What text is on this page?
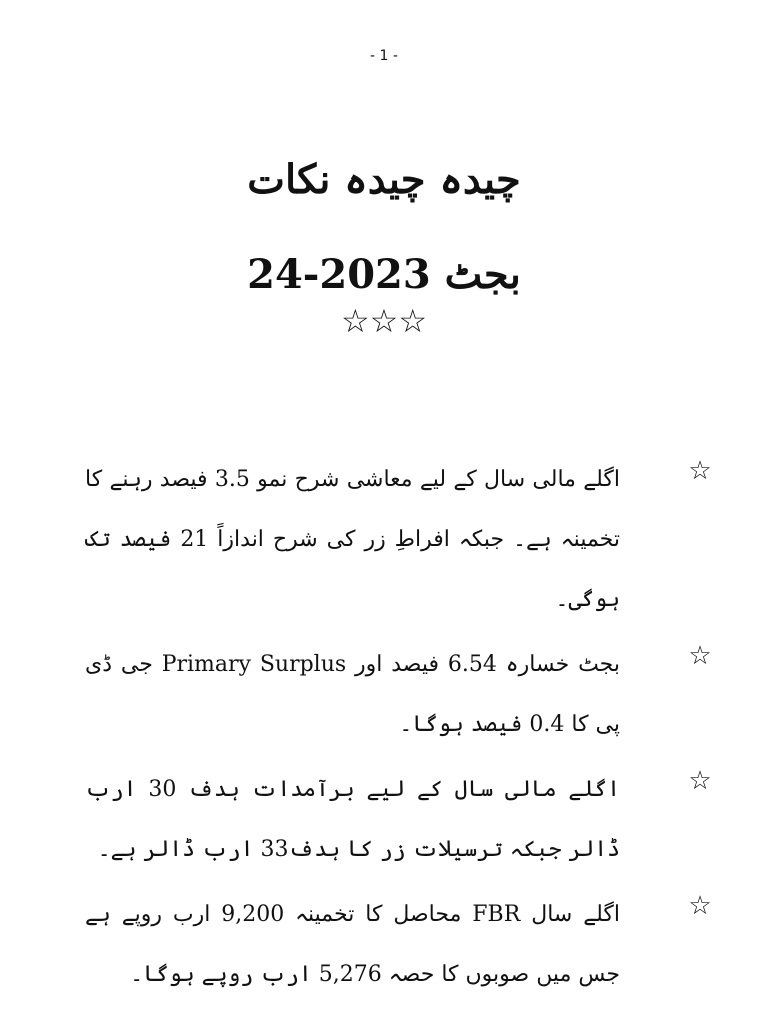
- 1 -
چیدہ چیدہ نکات
بجٹ 2023-24
☆☆☆
☆
اگلے مالی سال کے لیے معاشی شرح نمو 3.5 فیصد رہنے کا تخمینہ ہے۔ جبکہ افراطِ زر کی شرح اندازاً 21 فیصد تک ہوگی۔
☆
بجٹ خسارہ 6.54 فیصد اور Primary Surplus جی ڈی پی کا 0.4 فیصد ہوگا۔
☆
اگلے مالی سال کے لیے برآمدات ہدف 30 ارب ڈالر جبکہ ترسیلات زر کا ہدف33 ارب ڈالر ہے۔
☆
اگلے سال FBR محاصل کا تخمینہ 9,200 ارب روپے ہے جس میں صوبوں کا حصہ 5,276 ارب روپے ہوگا۔
